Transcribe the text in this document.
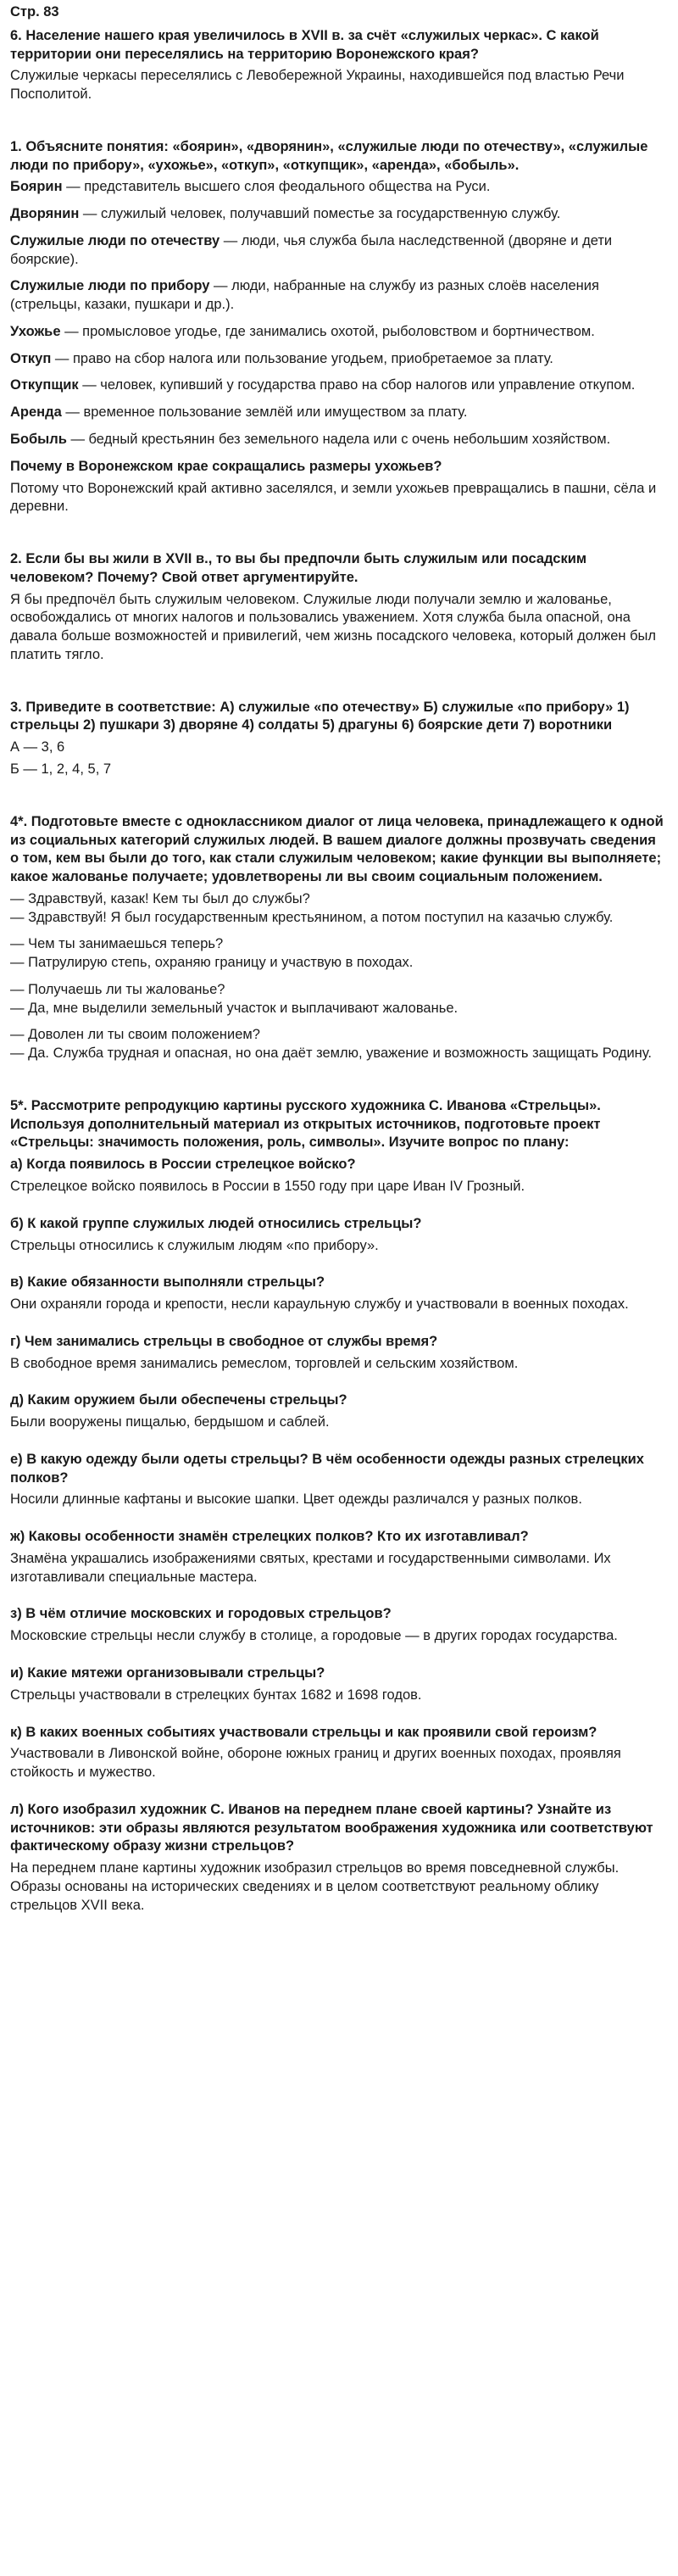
Стр. 83
6. Население нашего края увеличилось в XVII в. за счёт «служилых черкас». С какой территории они переселялись на территорию Воронежского края?
Служилые черкасы переселялись с Левобережной Украины, находившейся под властью Речи Посполитой.
1. Объясните понятия: «боярин», «дворянин», «служилые люди по отечеству», «служилые люди по прибору», «ухожье», «откуп», «откупщик», «аренда», «бобыль».
Боярин — представитель высшего слоя феодального общества на Руси.
Дворянин — служилый человек, получавший поместье за государственную службу.
Служилые люди по отечеству — люди, чья служба была наследственной (дворяне и дети боярские).
Служилые люди по прибору — люди, набранные на службу из разных слоёв населения (стрельцы, казаки, пушкари и др.).
Ухожье — промысловое угодье, где занимались охотой, рыболовством и бортничеством.
Откуп — право на сбор налога или пользование угодьем, приобретаемое за плату.
Откупщик — человек, купивший у государства право на сбор налогов или управление откупом.
Аренда — временное пользование землёй или имуществом за плату.
Бобыль — бедный крестьянин без земельного надела или с очень небольшим хозяйством.
Почему в Воронежском крае сокращались размеры ухожьев?
Потому что Воронежский край активно заселялся, и земли ухожьев превращались в пашни, сёла и деревни.
2. Если бы вы жили в XVII в., то вы бы предпочли быть служилым или посадским человеком? Почему? Свой ответ аргументируйте.
Я бы предпочёл быть служилым человеком. Служилые люди получали землю и жалованье, освобождались от многих налогов и пользовались уважением. Хотя служба была опасной, она давала больше возможностей и привилегий, чем жизнь посадского человека, который должен был платить тягло.
3. Приведите в соответствие: А) служилые «по отечеству» Б) служилые «по прибору» 1) стрельцы 2) пушкари 3) дворяне 4) солдаты 5) драгуны 6) боярские дети 7) воротники
А — 3, 6
Б — 1, 2, 4, 5, 7
4*. Подготовьте вместе с одноклассником диалог от лица человека, принадлежащего к одной из социальных категорий служилых людей. В вашем диалоге должны прозвучать сведения о том, кем вы были до того, как стали служилым человеком; какие функции вы выполняете; какое жалованье получаете; удовлетворены ли вы своим социальным положением.
— Здравствуй, казак! Кем ты был до службы?
— Здравствуй! Я был государственным крестьянином, а потом поступил на казачью службу.
— Чем ты занимаешься теперь?
— Патрулирую степь, охраняю границу и участвую в походах.
— Получаешь ли ты жалованье?
— Да, мне выделили земельный участок и выплачивают жалованье.
— Доволен ли ты своим положением?
— Да. Служба трудная и опасная, но она даёт землю, уважение и возможность защищать Родину.
5*. Рассмотрите репродукцию картины русского художника С. Иванова «Стрельцы». Используя дополнительный материал из открытых источников, подготовьте проект «Стрельцы: значимость положения, роль, символы». Изучите вопрос по плану:
а) Когда появилось в России стрелецкое войско?
Стрелецкое войско появилось в России в 1550 году при царе Иван IV Грозный.
б) К какой группе служилых людей относились стрельцы?
Стрельцы относились к служилым людям «по прибору».
в) Какие обязанности выполняли стрельцы?
Они охраняли города и крепости, несли караульную службу и участвовали в военных походах.
г) Чем занимались стрельцы в свободное от службы время?
В свободное время занимались ремеслом, торговлей и сельским хозяйством.
д) Каким оружием были обеспечены стрельцы?
Были вооружены пищалью, бердышом и саблей.
е) В какую одежду были одеты стрельцы? В чём особенности одежды разных стрелецких полков?
Носили длинные кафтаны и высокие шапки. Цвет одежды различался у разных полков.
ж) Каковы особенности знамён стрелецких полков? Кто их изготавливал?
Знамёна украшались изображениями святых, крестами и государственными символами. Их изготавливали специальные мастера.
з) В чём отличие московских и городовых стрельцов?
Московские стрельцы несли службу в столице, а городовые — в других городах государства.
и) Какие мятежи организовывали стрельцы?
Стрельцы участвовали в стрелецких бунтах 1682 и 1698 годов.
к) В каких военных событиях участвовали стрельцы и как проявили свой героизм?
Участвовали в Ливонской войне, обороне южных границ и других военных походах, проявляя стойкость и мужество.
л) Кого изобразил художник С. Иванов на переднем плане своей картины? Узнайте из источников: эти образы являются результатом воображения художника или соответствуют фактическому образу жизни стрельцов?
На переднем плане картины художник изобразил стрельцов во время повседневной службы. Образы основаны на исторических сведениях и в целом соответствуют реальному облику стрельцов XVII века.
